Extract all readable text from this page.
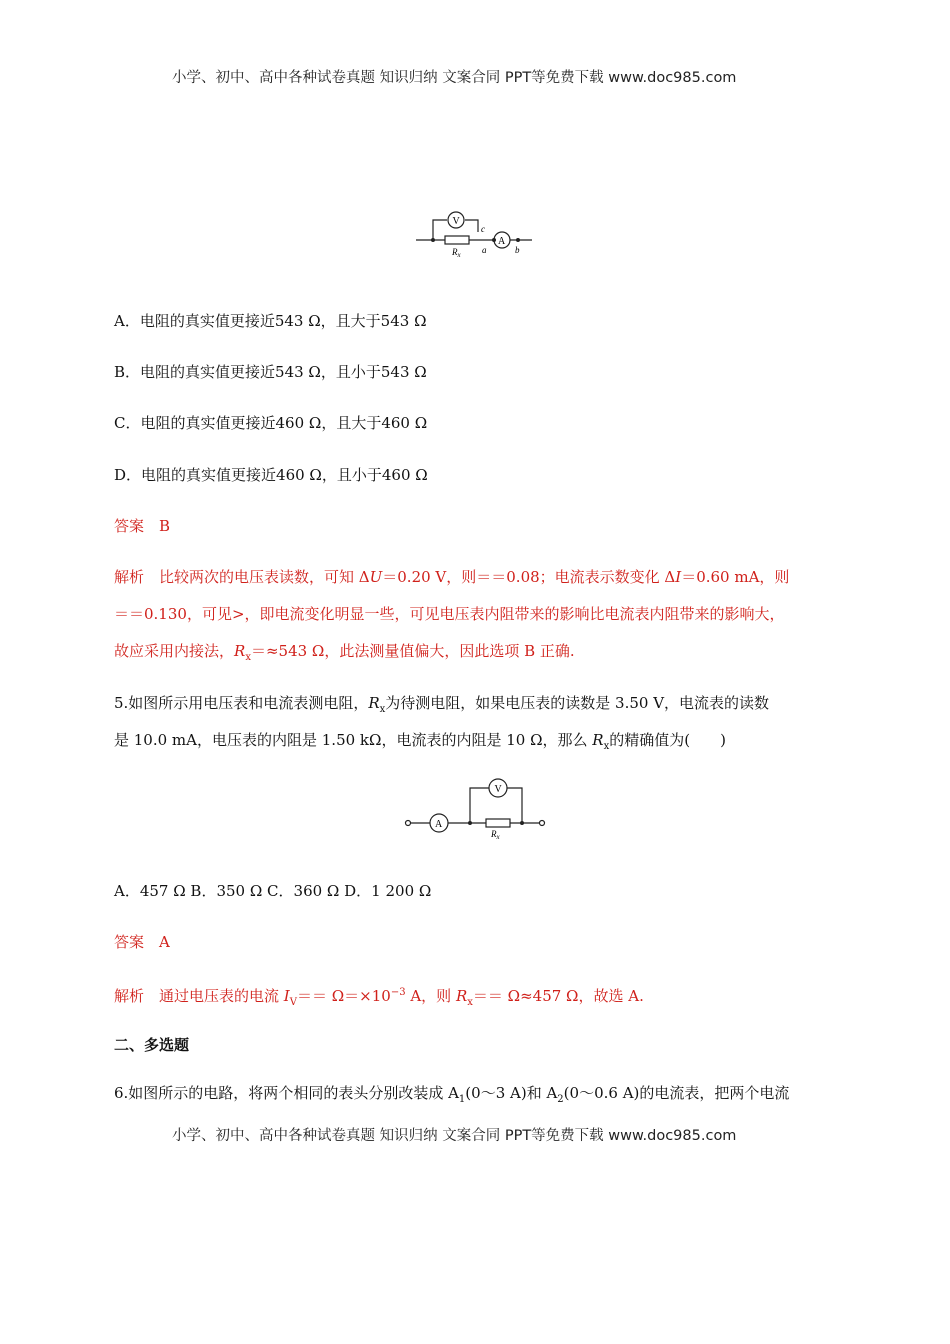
小学、初中、高中各种试卷真题 知识归纳 文案合同 PPT等免费下载 www.doc985.com
V
A
$R_x$
c
a	b
A．电阻的真实值更接近543 Ω，且大于543 Ω
B．电阻的真实值更接近543 Ω，且小于543 Ω
C．电阻的真实值更接近460 Ω，且大于460 Ω
D．电阻的真实值更接近460 Ω，且小于460 Ω
答案　B
解析　比较两次的电压表读数，可知 ΔU＝0.20 V，则＝＝0.08；电流表示数变化 ΔI＝0.60 mA，则
＝＝0.130，可见>，即电流变化明显一些，可见电压表内阻带来的影响比电流表内阻带来的影响大，
故应采用内接法，$R_x=\approx 543$ Ω，此法测量值偏大，因此选项 B 正确.
5.如图所示用电压表和电流表测电阻，$R_x$为待测电阻，如果电压表的读数是 3.50 V，电流表的读数
是 10.0 mA，电压表的内阻是 1.50 kΩ，电流表的内阻是 10 Ω，那么 $R_x$的精确值为(　　)
V
A
$R_x$
A．457 Ω B．350 Ω C．360 Ω D．1 200 Ω
答案　A
解析　通过电压表的电流 $I_V== \Omega=\times 10^{-3}$ A，则 $R_x== \Omega\approx 457$ Ω，故选 A.
二、多选题
6.如图所示的电路，将两个相同的表头分别改装成 $A_1(0\sim 3$ A)和 $A_2(0\sim 0.6$ A)的电流表，把两个电流
小学、初中、高中各种试卷真题 知识归纳 文案合同 PPT等免费下载 www.doc985.com
